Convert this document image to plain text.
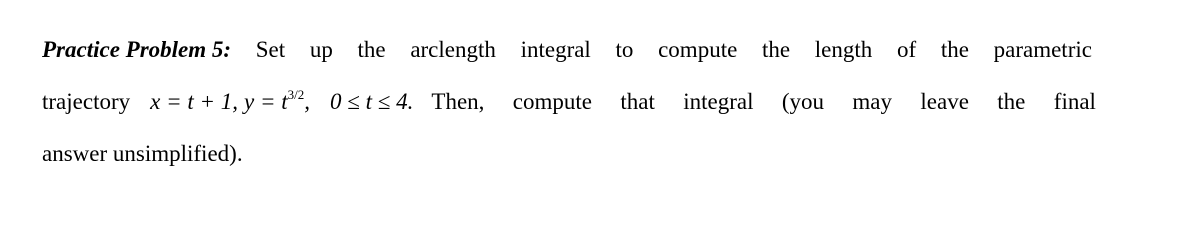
Practice Problem 5: Set up the arclength integral to compute the length of the parametric
trajectory x = t + 1, $y = t^{3/2}$, 0 ≤ t ≤ 4. Then, compute that integral (you may leave the final
answer unsimplified).
